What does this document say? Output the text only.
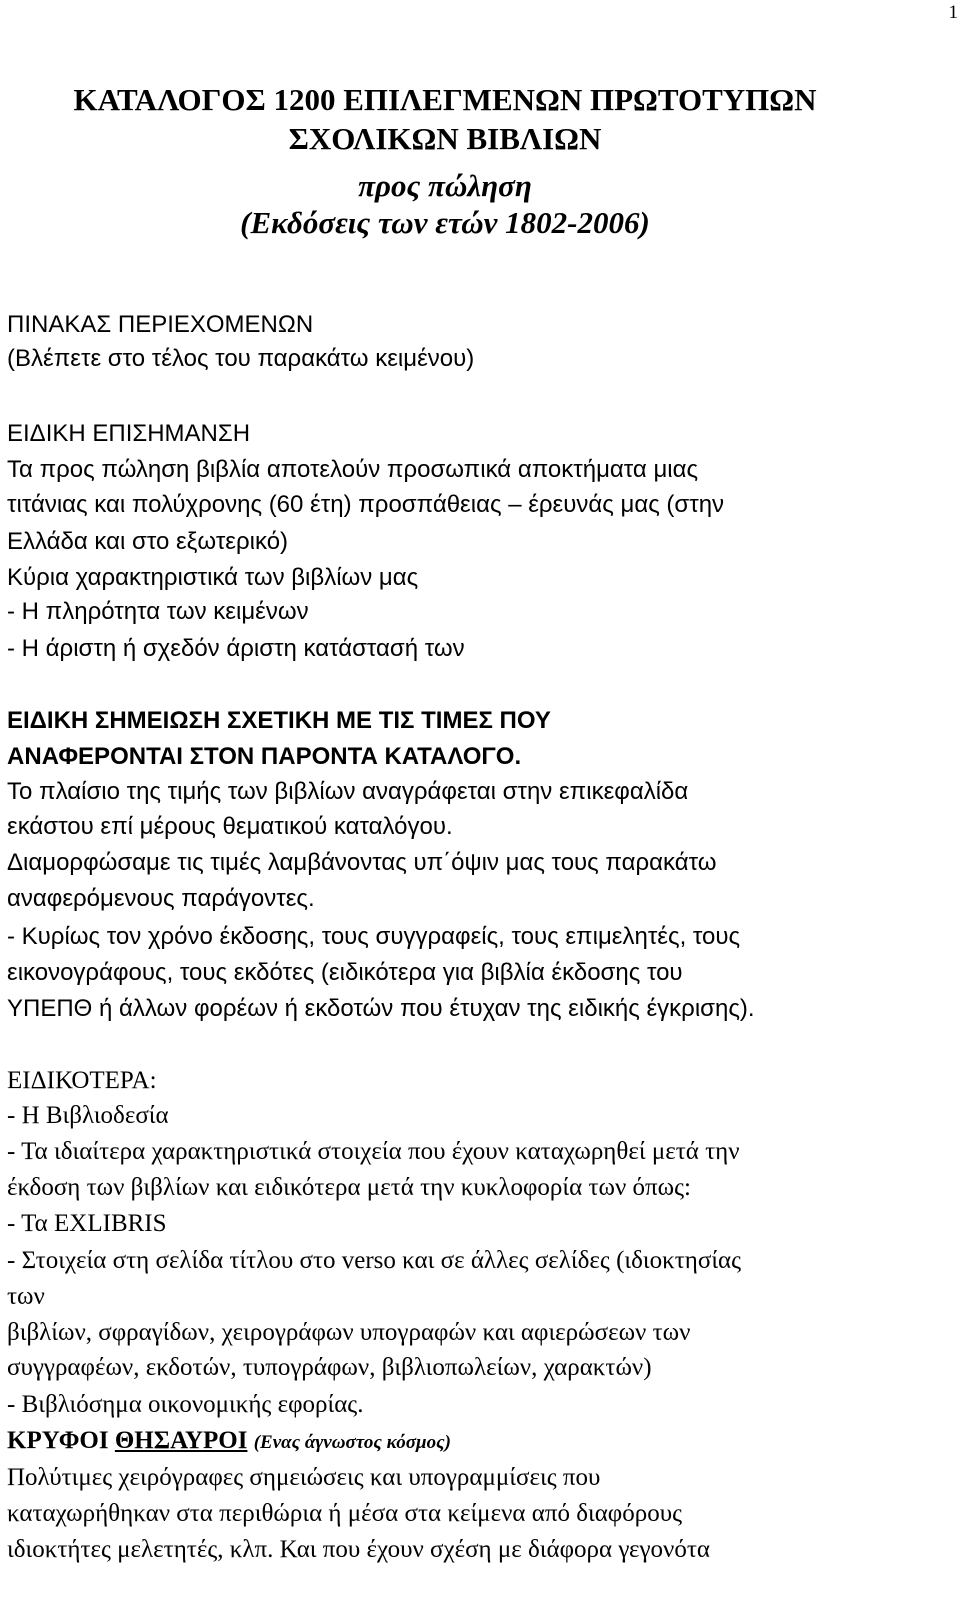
1
ΚΑΤΑΛΟΓΟΣ 1200 ΕΠΙΛΕΓΜΕΝΩΝ ΠΡΩΤΟΤΥΠΩΝ
ΣΧΟΛΙΚΩΝ ΒΙΒΛΙΩΝ
προς πώληση
(Εκδόσεις των ετών 1802-2006)
ΠΙΝΑΚΑΣ ΠΕΡΙΕΧΟΜΕΝΩΝ
(Βλέπετε στο τέλος του παρακάτω κειμένου)
ΕΙΔΙΚΗ ΕΠΙΣΗΜΑΝΣΗ
Τα προς πώληση βιβλία αποτελούν προσωπικά αποκτήματα μιας
τιτάνιας και πολύχρονης (60 έτη) προσπάθειας – έρευνάς μας (στην
Ελλάδα και στο εξωτερικό)
Κύρια χαρακτηριστικά των βιβλίων μας
- Η πληρότητα των κειμένων
- Η άριστη ή σχεδόν άριστη κατάστασή των
ΕΙΔΙΚΗ ΣΗΜΕΙΩΣΗ ΣΧΕΤΙΚΗ ΜΕ ΤΙΣ ΤΙΜΕΣ ΠΟΥ
ΑΝΑΦΕΡΟΝΤΑΙ ΣΤΟΝ ΠΑΡΟΝΤΑ ΚΑΤΑΛΟΓΟ.
Το πλαίσιο της τιμής των βιβλίων αναγράφεται στην επικεφαλίδα
εκάστου επί μέρους θεματικού καταλόγου.
Διαμορφώσαμε τις τιμές λαμβάνοντας υπ΄όψιν μας τους παρακάτω
αναφερόμενους παράγοντες.
- Κυρίως τον χρόνο έκδοσης, τους συγγραφείς, τους επιμελητές, τους
εικονογράφους, τους εκδότες (ειδικότερα για βιβλία έκδοσης του
ΥΠΕΠΘ ή άλλων φορέων ή εκδοτών που έτυχαν της ειδικής έγκρισης).
ΕΙΔΙΚΟΤΕΡΑ:
- Η Βιβλιοδεσία
- Τα ιδιαίτερα χαρακτηριστικά στοιχεία που έχουν καταχωρηθεί μετά την
έκδοση των βιβλίων και ειδικότερα μετά την κυκλοφορία των όπως:
- Τα EXLIBRIS
- Στοιχεία στη σελίδα τίτλου στο verso και σε άλλες σελίδες (ιδιοκτησίας
των
βιβλίων, σφραγίδων, χειρογράφων υπογραφών και αφιερώσεων των
συγγραφέων, εκδοτών, τυπογράφων, βιβλιοπωλείων, χαρακτών)
- Βιβλιόσημα οικονομικής εφορίας.
ΚΡΥΦΟΙ ΘΗΣΑΥΡΟΙ (Ενας άγνωστος κόσμος)
Πολύτιμες χειρόγραφες σημειώσεις και υπογραμμίσεις που
καταχωρήθηκαν στα περιθώρια ή μέσα στα κείμενα από διαφόρους
ιδιοκτήτες μελετητές, κλπ. Και που έχουν σχέση με διάφορα γεγονότα
